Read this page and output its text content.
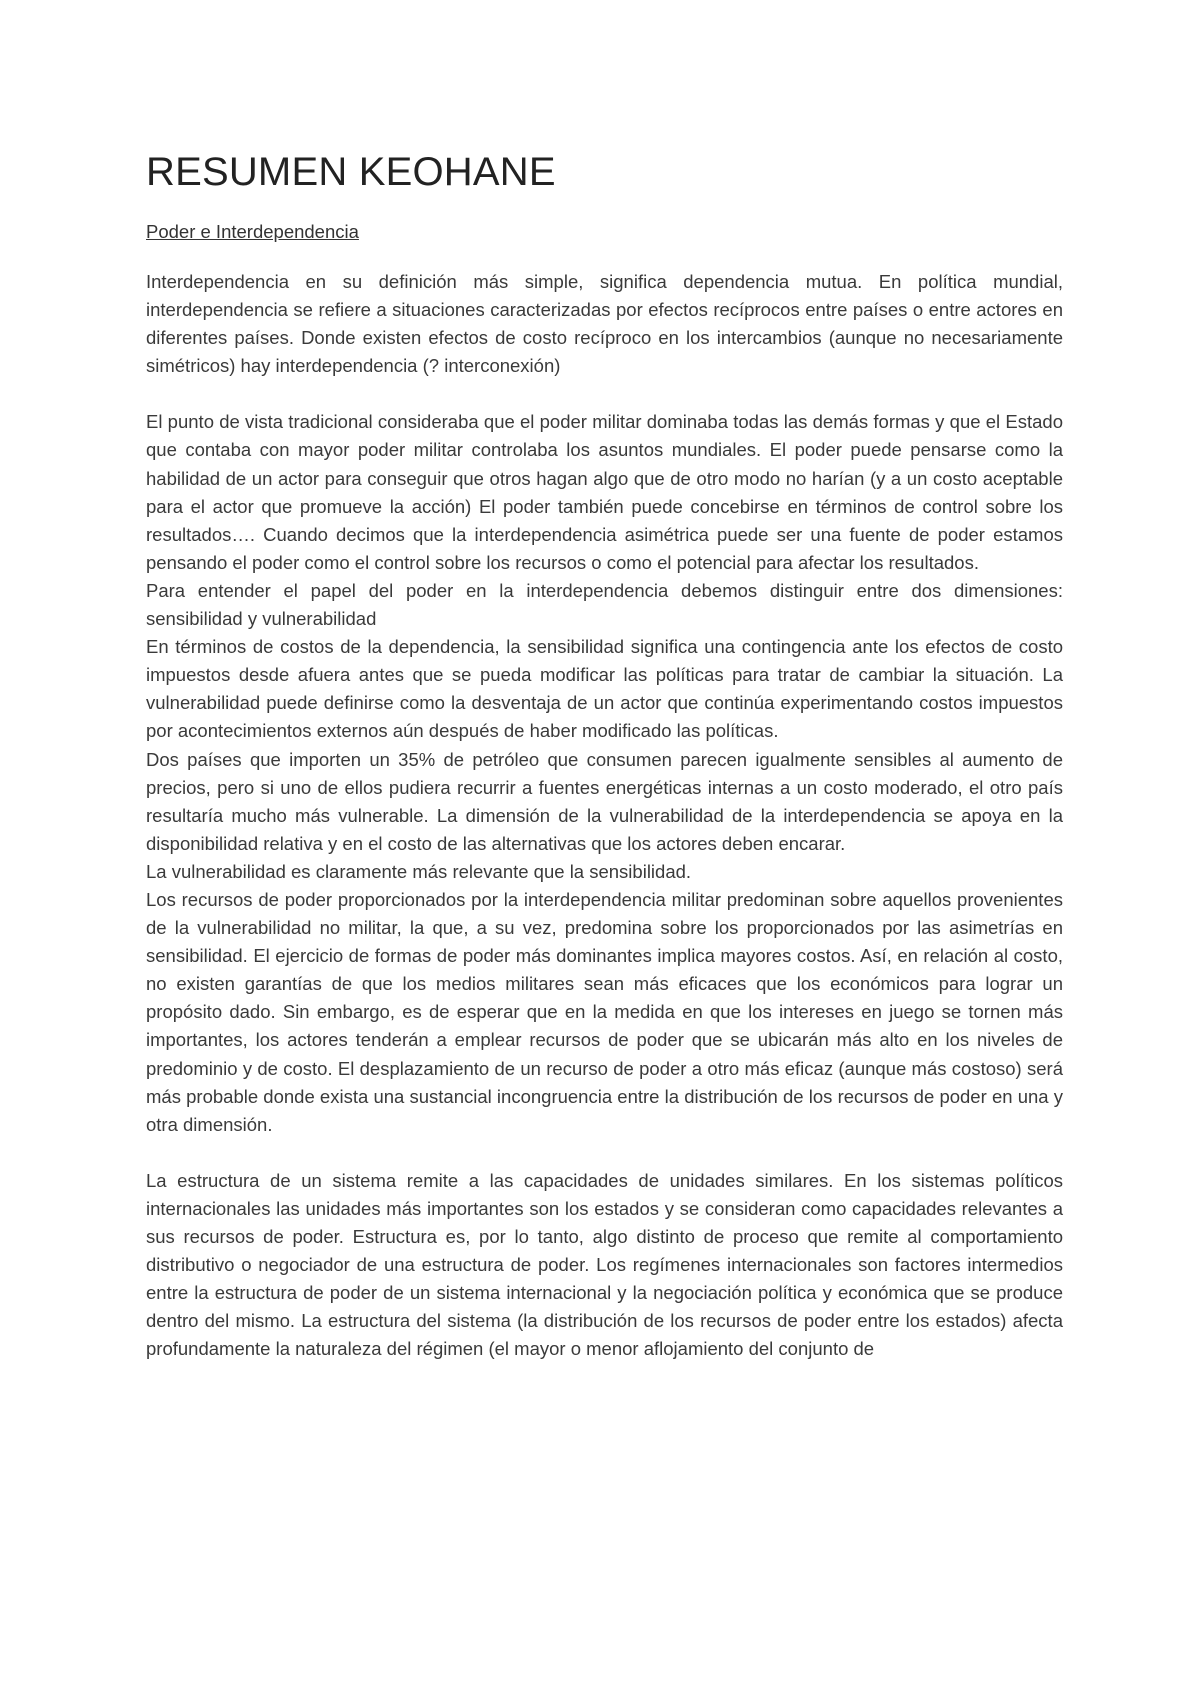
RESUMEN KEOHANE
Poder e Interdependencia

Interdependencia en su definición más simple, significa dependencia mutua. En política mundial, interdependencia se refiere a situaciones caracterizadas por efectos recíprocos entre países o entre actores en diferentes países. Donde existen efectos de costo recíproco en los intercambios (aunque no necesariamente simétricos) hay interdependencia (? interconexión)

El punto de vista tradicional consideraba que el poder militar dominaba todas las demás formas y que el Estado que contaba con mayor poder militar controlaba los asuntos mundiales. El poder puede pensarse como la habilidad de un actor para conseguir que otros hagan algo que de otro modo no harían (y a un costo aceptable para el actor que promueve la acción) El poder también puede concebirse en términos de control sobre los resultados…. Cuando decimos que la interdependencia asimétrica puede ser una fuente de poder estamos pensando el poder como el control sobre los recursos o como el potencial para afectar los resultados.

Para entender el papel del poder en la interdependencia debemos distinguir entre dos dimensiones: sensibilidad y vulnerabilidad

En términos de costos de la dependencia, la sensibilidad significa una contingencia ante los efectos de costo impuestos desde afuera antes que se pueda modificar las políticas para tratar de cambiar la situación. La vulnerabilidad puede definirse como la desventaja de un actor que continúa experimentando costos impuestos por acontecimientos externos aún después de haber modificado las políticas.

Dos países que importen un 35% de petróleo que consumen parecen igualmente sensibles al aumento de precios, pero si uno de ellos pudiera recurrir a fuentes energéticas internas a un costo moderado, el otro país resultaría mucho más vulnerable. La dimensión de la vulnerabilidad de la interdependencia se apoya en la disponibilidad relativa y en el costo de las alternativas que los actores deben encarar.

La vulnerabilidad es claramente más relevante que la sensibilidad.

Los recursos de poder proporcionados por la interdependencia militar predominan sobre aquellos provenientes de la vulnerabilidad no militar, la que, a su vez, predomina sobre los proporcionados por las asimetrías en sensibilidad. El ejercicio de formas de poder más dominantes implica mayores costos. Así, en relación al costo, no existen garantías de que los medios militares sean más eficaces que los económicos para lograr un propósito dado. Sin embargo, es de esperar que en la medida en que los intereses en juego se tornen más importantes, los actores tenderán a emplear recursos de poder que se ubicarán más alto en los niveles de predominio y de costo. El desplazamiento de un recurso de poder a otro más eficaz (aunque más costoso) será más probable donde exista una sustancial incongruencia entre la distribución de los recursos de poder en una y otra dimensión.

La estructura de un sistema remite a las capacidades de unidades similares. En los sistemas políticos internacionales las unidades más importantes son los estados y se consideran como capacidades relevantes a sus recursos de poder. Estructura es, por lo tanto, algo distinto de proceso que remite al comportamiento distributivo o negociador de una estructura de poder. Los regímenes internacionales son factores intermedios entre la estructura de poder de un sistema internacional y la negociación política y económica que se produce dentro del mismo. La estructura del sistema (la distribución de los recursos de poder entre los estados) afecta profundamente la naturaleza del régimen (el mayor o menor aflojamiento del conjunto de
